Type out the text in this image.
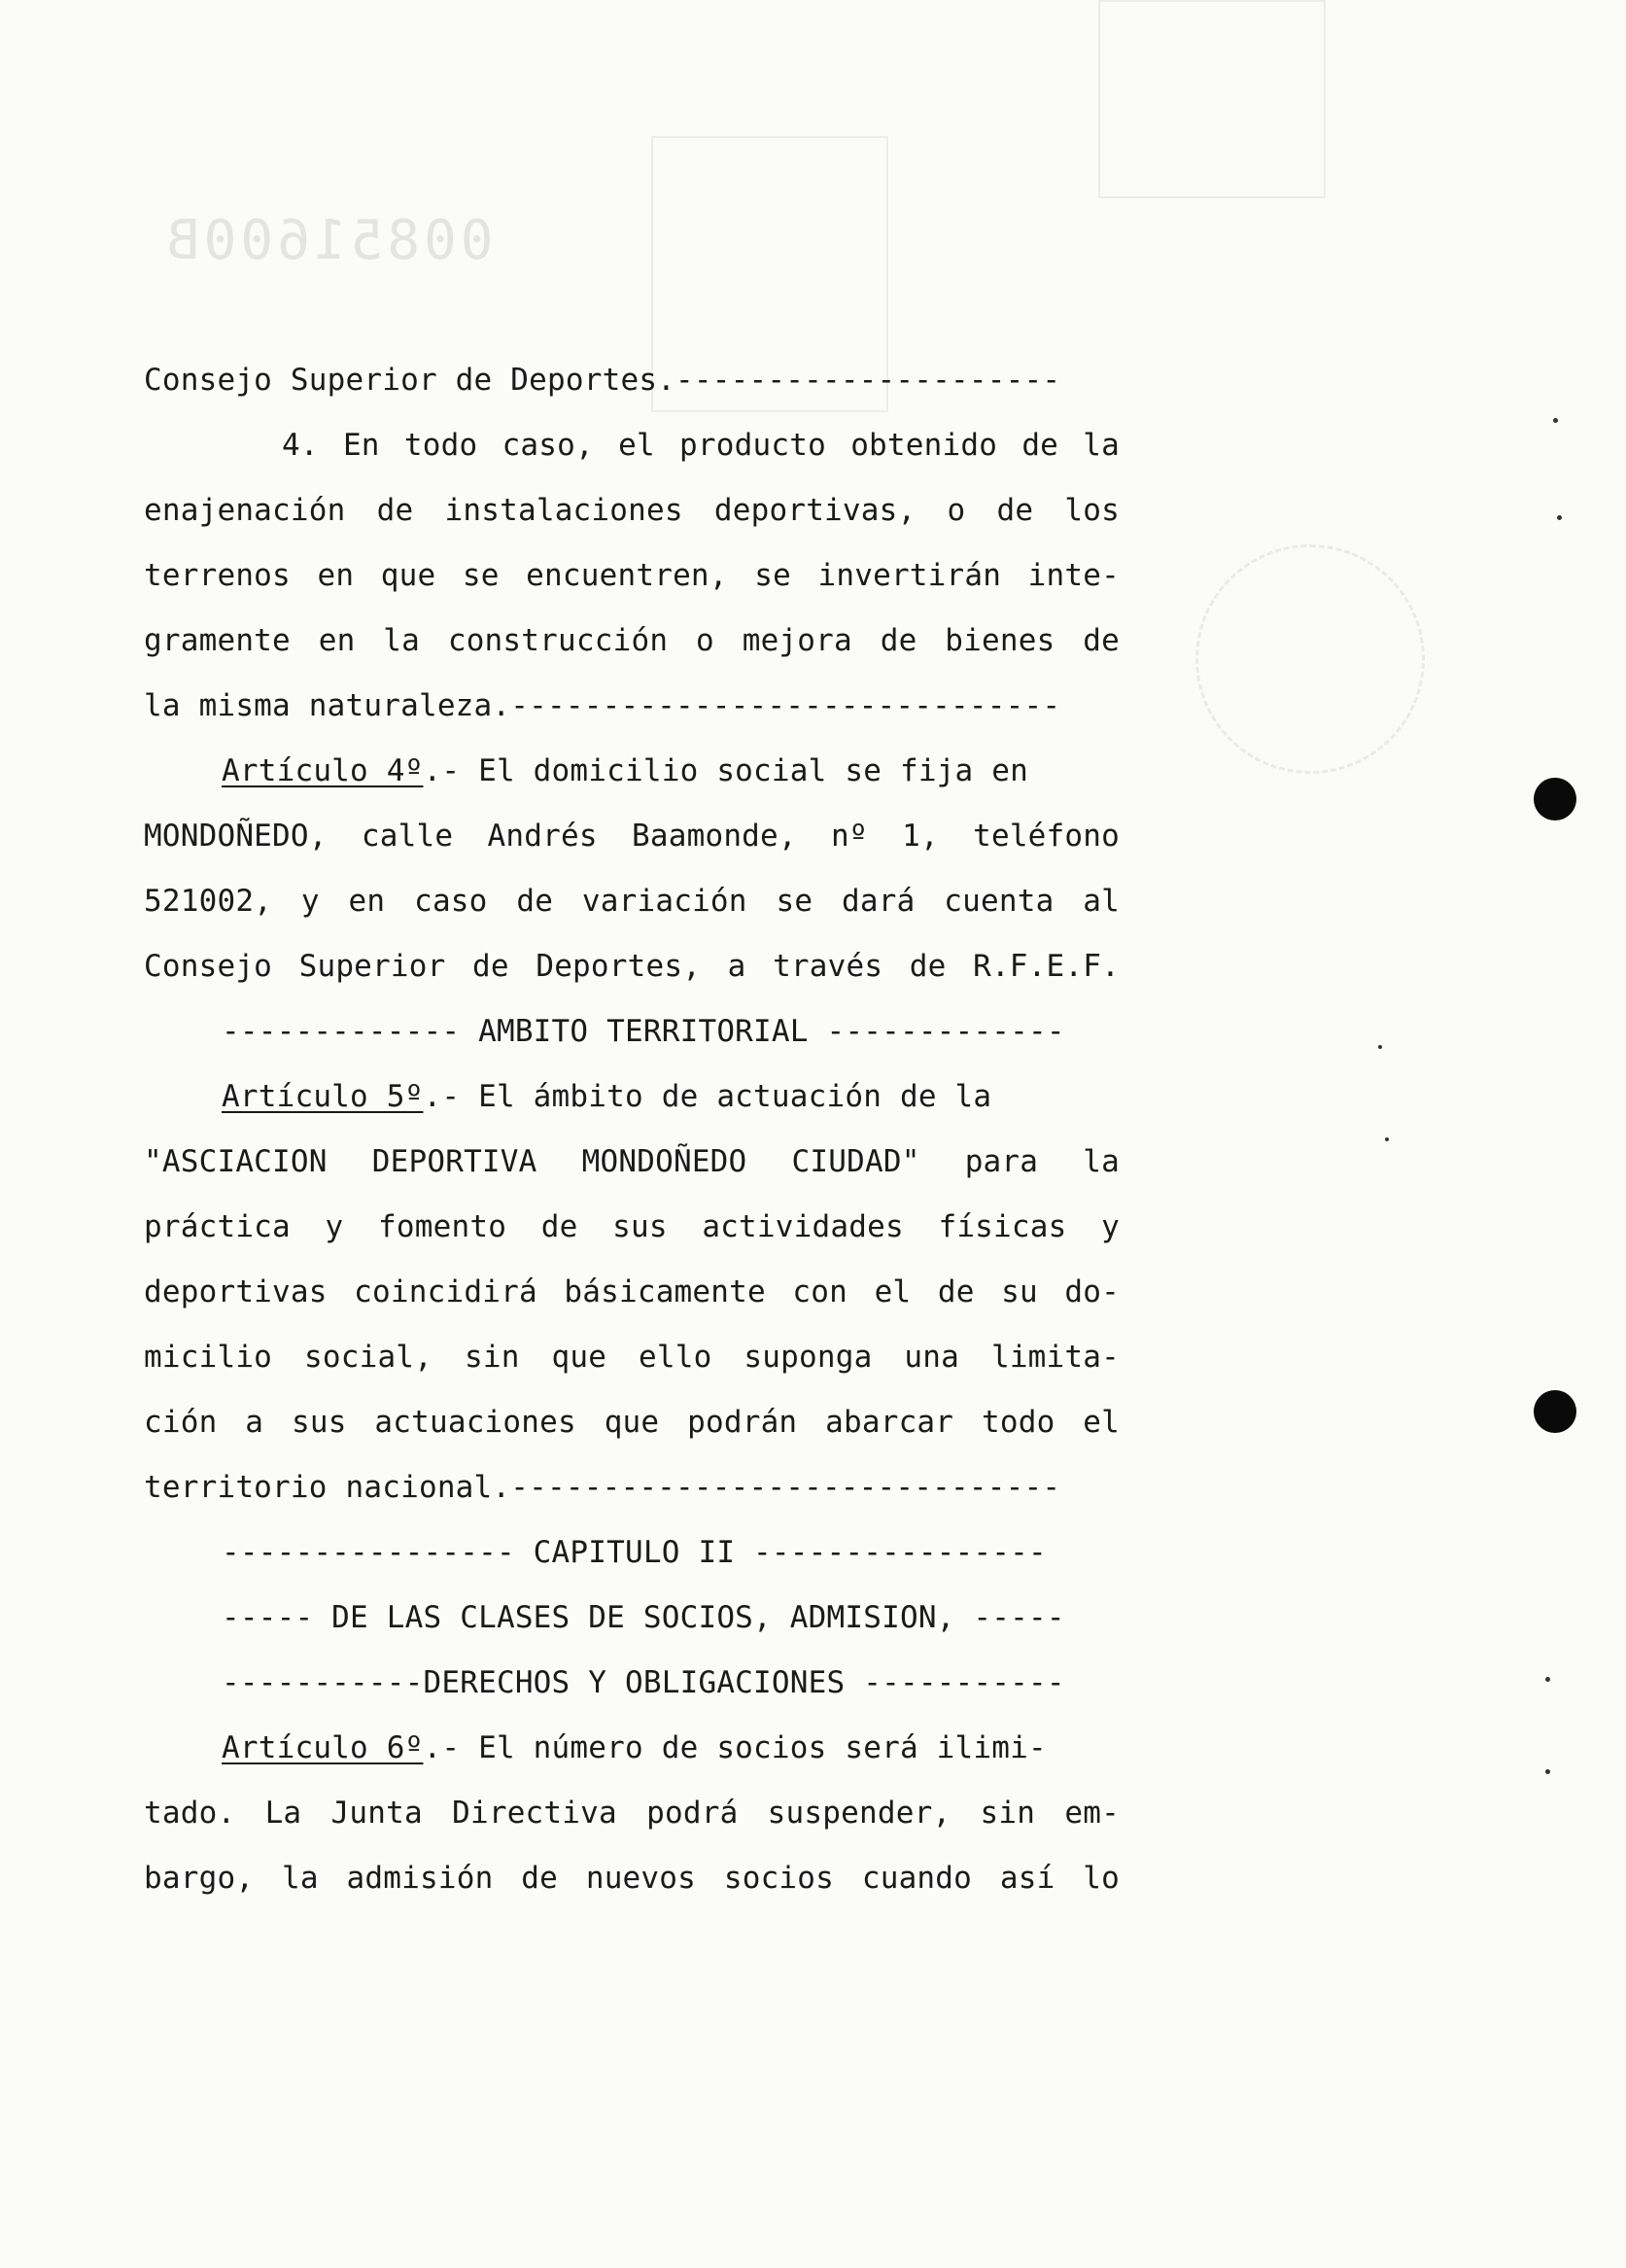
00851600B
Consejo Superior de Deportes.---------------------
4. En todo caso, el producto obtenido de la
enajenación de instalaciones deportivas, o de los
terrenos en que se encuentren, se invertirán inte-
gramente en la construcción o mejora de bienes de
la misma naturaleza.------------------------------
Artículo 4º.- El domicilio social se fija en
MONDOÑEDO, calle Andrés Baamonde, nº 1, teléfono
521002, y en caso de variación se dará cuenta al
Consejo Superior de Deportes, a través de R.F.E.F.
------------- AMBITO TERRITORIAL -------------
Artículo 5º.- El ámbito de actuación de la
"ASCIACION DEPORTIVA MONDOÑEDO CIUDAD" para la
práctica y fomento de sus actividades físicas y
deportivas coincidirá básicamente con el de su do-
micilio social, sin que ello suponga una limita-
ción a sus actuaciones que podrán abarcar todo el
territorio nacional.------------------------------
---------------- CAPITULO II ----------------
----- DE LAS CLASES DE SOCIOS, ADMISION, -----
-----------DERECHOS Y OBLIGACIONES -----------
Artículo 6º.- El número de socios será ilimi-
tado. La Junta Directiva podrá suspender, sin em-
bargo, la admisión de nuevos socios cuando así lo
